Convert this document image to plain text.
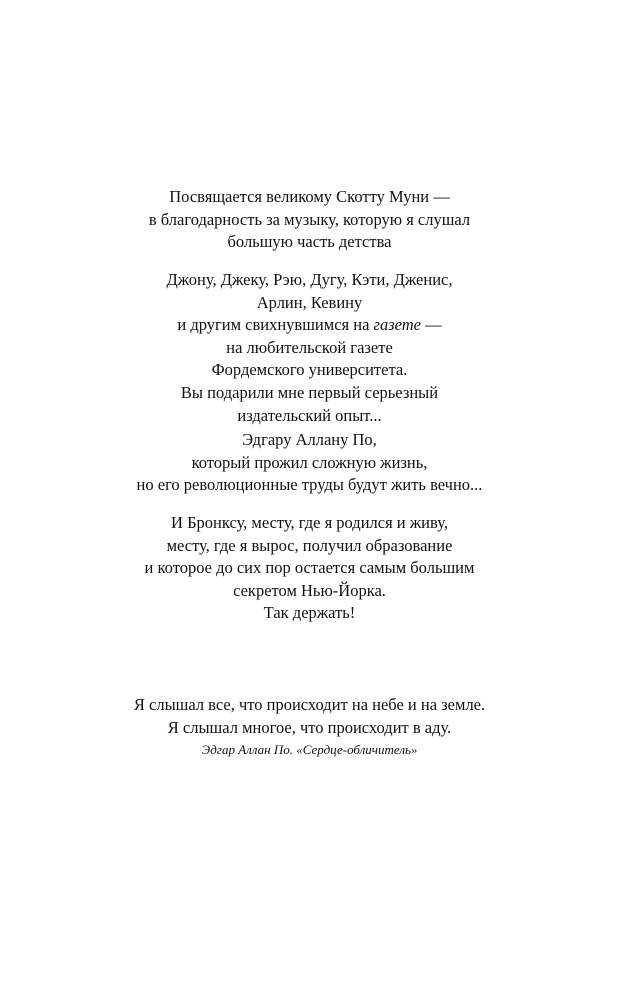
Посвящается великому Скотту Муни —
в благодарность за музыку, которую я слушал
большую часть детства

Джону, Джеку, Рэю, Дугу, Кэти, Дженис,
Арлин, Кевину
и другим свихнувшимся на газете —
на любительской газете
Фордемского университета.
Вы подарили мне первый серьезный
издательский опыт...

Эдгару Аллану По,
который прожил сложную жизнь,
но его революционные труды будут жить вечно...

И Бронксу, месту, где я родился и живу,
месту, где я вырос, получил образование
и которое до сих пор остается самым большим
секретом Нью-Йорка.
Так держать!

Я слышал все, что происходит на небе и на земле.
Я слышал многое, что происходит в аду.
Эдгар Аллан По. «Сердце-обличитель»
